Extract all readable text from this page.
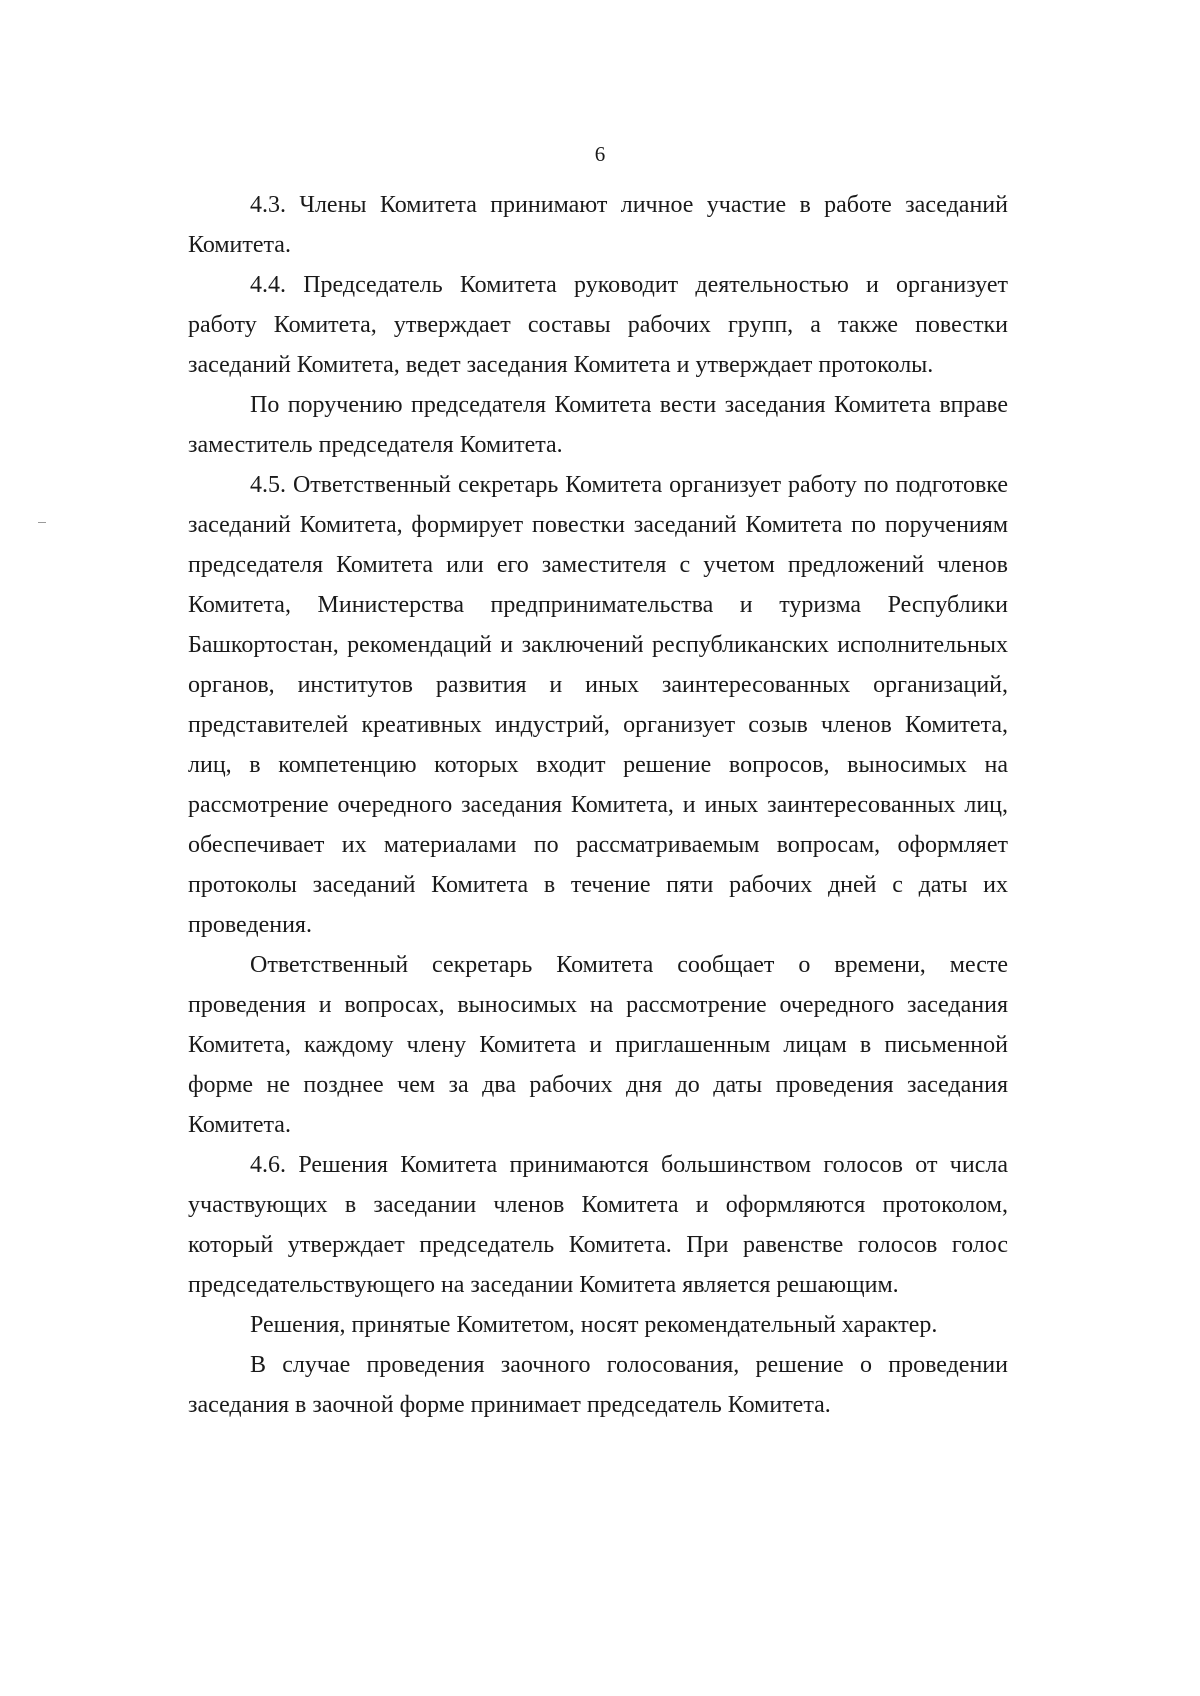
6

4.3. Члены Комитета принимают личное участие в работе заседаний Комитета.

4.4. Председатель Комитета руководит деятельностью и организует работу Комитета, утверждает составы рабочих групп, а также повестки заседаний Комитета, ведет заседания Комитета и утверждает протоколы.

По поручению председателя Комитета вести заседания Комитета вправе заместитель председателя Комитета.

4.5. Ответственный секретарь Комитета организует работу по подготовке заседаний Комитета, формирует повестки заседаний Комитета по поручениям председателя Комитета или его заместителя с учетом предложений членов Комитета, Министерства предпринимательства и туризма Республики Башкортостан, рекомендаций и заключений республиканских исполнительных органов, институтов развития и иных заинтересованных организаций, представителей креативных индустрий, организует созыв членов Комитета, лиц, в компетенцию которых входит решение вопросов, выносимых на рассмотрение очередного заседания Комитета, и иных заинтересованных лиц, обеспечивает их материалами по рассматриваемым вопросам, оформляет протоколы заседаний Комитета в течение пяти рабочих дней с даты их проведения.

Ответственный секретарь Комитета сообщает о времени, месте проведения и вопросах, выносимых на рассмотрение очередного заседания Комитета, каждому члену Комитета и приглашенным лицам в письменной форме не позднее чем за два рабочих дня до даты проведения заседания Комитета.

4.6. Решения Комитета принимаются большинством голосов от числа участвующих в заседании членов Комитета и оформляются протоколом, который утверждает председатель Комитета. При равенстве голосов голос председательствующего на заседании Комитета является решающим.

Решения, принятые Комитетом, носят рекомендательный характер.

В случае проведения заочного голосования, решение о проведении заседания в заочной форме принимает председатель Комитета.
